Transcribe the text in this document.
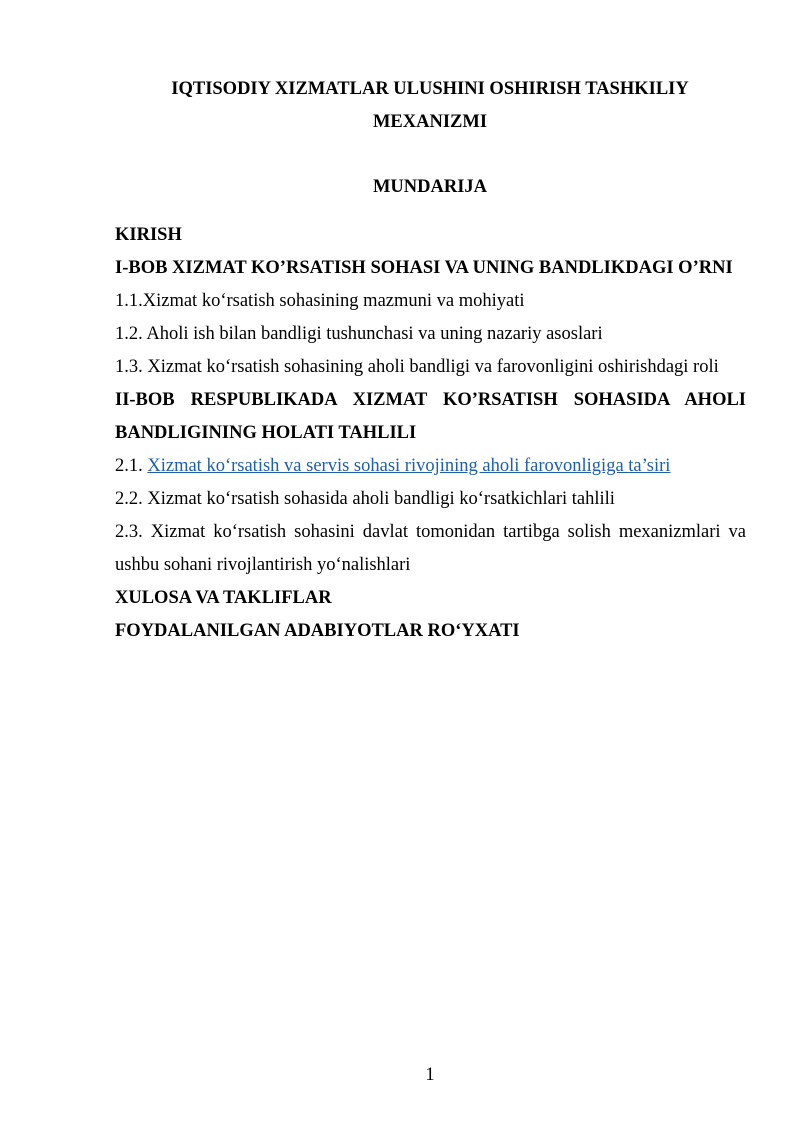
IQTISODIY XIZMATLAR ULUSHINI OSHIRISH TASHKILIY
MEXANIZMI
MUNDARIJA
KIRISH
I-BOB XIZMAT KO’RSATISH SOHASI VA UNING BANDLIKDAGI O’RNI
1.1.Xizmat ko‘rsatish sohasining mazmuni va mohiyati
1.2. Aholi ish bilan bandligi tushunchasi va uning nazariy asoslari
1.3. Xizmat ko‘rsatish sohasining aholi bandligi va farovonligini oshirishdagi roli
II-BOB RESPUBLIKADA XIZMAT KO’RSATISH SOHASIDA AHOLI
BANDLIGINING HOLATI TAHLILI
2.1. Xizmat ko‘rsatish va servis sohasi rivojining aholi farovonligiga ta’siri
2.2. Xizmat ko‘rsatish sohasida aholi bandligi ko‘rsatkichlari tahlili
2.3. Xizmat ko‘rsatish sohasini davlat tomonidan tartibga solish mexanizmlari va
ushbu sohani rivojlantirish yo‘nalishlari
XULOSA VA TAKLIFLAR
FOYDALANILGAN ADABIYOTLAR RO‘YXATI
1
